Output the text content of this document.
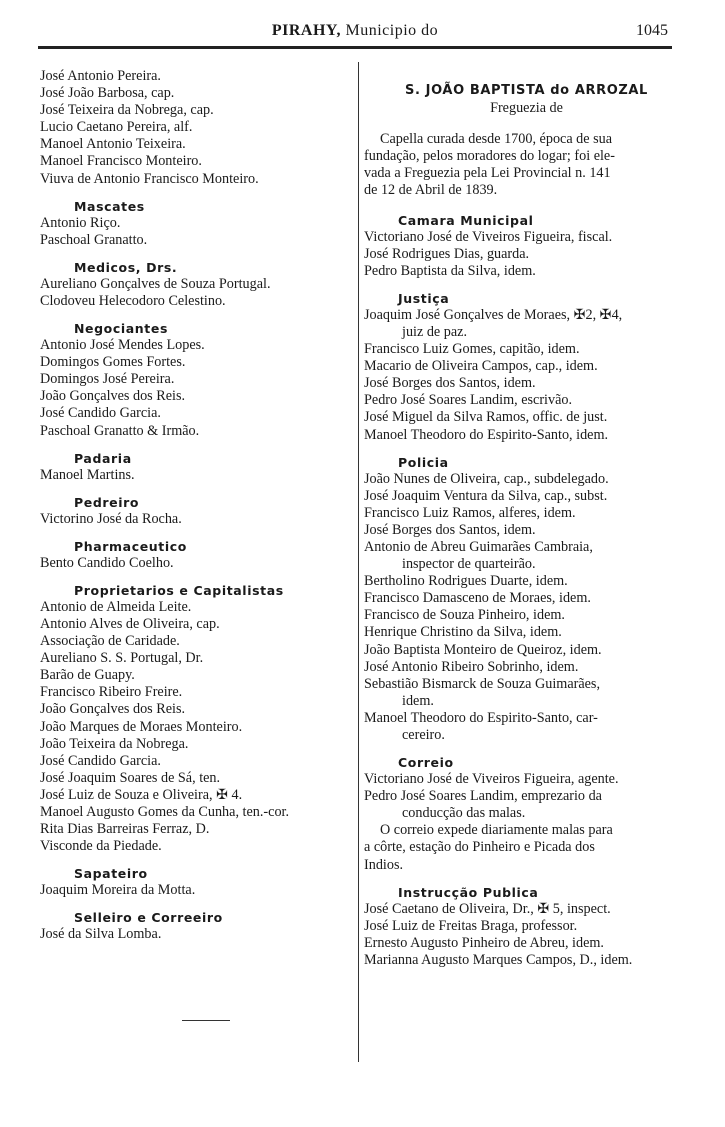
PIRAHY, Municipio do	1045
José Antonio Pereira.
José João Barbosa, cap.
José Teixeira da Nobrega, cap.
Lucio Caetano Pereira, alf.
Manoel Antonio Teixeira.
Manoel Francisco Monteiro.
Viuva de Antonio Francisco Monteiro.
Mascates
Antonio Riço.
Paschoal Granatto.
Medicos, Drs.
Aureliano Gonçalves de Souza Portugal.
Clodoveu Helecodoro Celestino.
Negociantes
Antonio José Mendes Lopes.
Domingos Gomes Fortes.
Domingos José Pereira.
João Gonçalves dos Reis.
José Candido Garcia.
Paschoal Granatto & Irmão.
Padaria
Manoel Martins.
Pedreiro
Victorino José da Rocha.
Pharmaceutico
Bento Candido Coelho.
Proprietarios e Capitalistas
Antonio de Almeida Leite.
Antonio Alves de Oliveira, cap.
Associação de Caridade.
Aureliano S. S. Portugal, Dr.
Barão de Guapy.
Francisco Ribeiro Freire.
João Gonçalves dos Reis.
João Marques de Moraes Monteiro.
João Teixeira da Nobrega.
José Candido Garcia.
José Joaquim Soares de Sá, ten.
José Luiz de Souza e Oliveira, ✠ 4.
Manoel Augusto Gomes da Cunha, ten.-cor.
Rita Dias Barreiras Ferraz, D.
Visconde da Piedade.
Sapateiro
Joaquim Moreira da Motta.
Selleiro e Correeiro
José da Silva Lomba.
S. JOÃO BAPTISTA do ARROZAL
Freguezia de
Capella curada desde 1700, época de sua
fundação, pelos moradores do logar; foi ele-
vada a Freguezia pela Lei Provincial n. 141
de 12 de Abril de 1839.
Camara Municipal
Victoriano José de Viveiros Figueira, fiscal.
José Rodrigues Dias, guarda.
Pedro Baptista da Silva, idem.
Justiça
Joaquim José Gonçalves de Moraes, ✠2, ✠4,
juiz de paz.
Francisco Luiz Gomes, capitão, idem.
Macario de Oliveira Campos, cap., idem.
José Borges dos Santos, idem.
Pedro José Soares Landim, escrivão.
José Miguel da Silva Ramos, offic. de just.
Manoel Theodoro do Espirito-Santo, idem.
Policia
João Nunes de Oliveira, cap., subdelegado.
José Joaquim Ventura da Silva, cap., subst.
Francisco Luiz Ramos, alferes, idem.
José Borges dos Santos, idem.
Antonio de Abreu Guimarães Cambraia,
inspector de quarteirão.
Bertholino Rodrigues Duarte, idem.
Francisco Damasceno de Moraes, idem.
Francisco de Souza Pinheiro, idem.
Henrique Christino da Silva, idem.
João Baptista Monteiro de Queiroz, idem.
José Antonio Ribeiro Sobrinho, idem.
Sebastião Bismarck de Souza Guimarães,
idem.
Manoel Theodoro do Espirito-Santo, car-
cereiro.
Correio
Victoriano José de Viveiros Figueira, agente.
Pedro José Soares Landim, emprezario da
conducção das malas.
O correio expede diariamente malas para
a côrte, estação do Pinheiro e Picada dos
Indios.
Instrucção Publica
José Caetano de Oliveira, Dr., ✠ 5, inspect.
José Luiz de Freitas Braga, professor.
Ernesto Augusto Pinheiro de Abreu, idem.
Marianna Augusto Marques Campos, D., idem.
